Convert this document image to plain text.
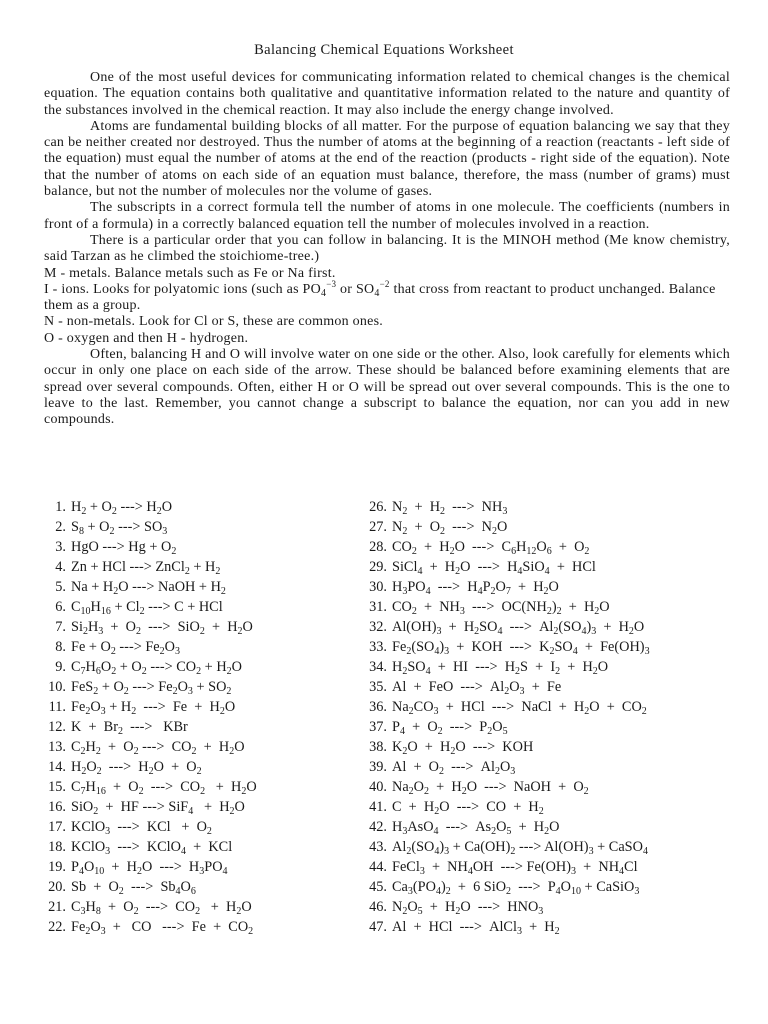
Balancing Chemical Equations Worksheet

One of the most useful devices for communicating information related to chemical changes is the chemical equation. The equation contains both qualitative and quantitative information related to the nature and quantity of the substances involved in the chemical reaction. It may also include the energy change involved.

Atoms are fundamental building blocks of all matter. For the purpose of equation balancing we say that they can be neither created nor destroyed. Thus the number of atoms at the beginning of a reaction (reactants - left side of the equation) must equal the number of atoms at the end of the reaction (products - right side of the equation). Note that the number of atoms on each side of an equation must balance, therefore, the mass (number of grams) must balance, but not the number of molecules nor the volume of gases.

The subscripts in a correct formula tell the number of atoms in one molecule. The coefficients (numbers in front of a formula) in a correctly balanced equation tell the number of molecules involved in a reaction.

There is a particular order that you can follow in balancing. It is the MINOH method (Me know chemistry, said Tarzan as he climbed the stoichiome-tree.)

M - metals. Balance metals such as Fe or Na first.

I - ions. Looks for polyatomic ions (such as $PO_4^{-3}$ or $SO_4^{-2}$ that cross from reactant to product unchanged. Balance them as a group.

N - non-metals. Look for Cl or S, these are common ones.

O - oxygen and then H - hydrogen.

Often, balancing H and O will involve water on one side or the other. Also, look carefully for elements which occur in only one place on each side of the arrow. These should be balanced before examining elements that are spread over several compounds. Often, either H or O will be spread out over several compounds. This is the one to leave to the last. Remember, you cannot change a subscript to balance the equation, nor can you add in new compounds.

1. $H_2 + O_2$ ---> $H_2O$
2. $S_8 + O_2$ ---> $SO_3$
3. HgO ---> $Hg + O_2$
4. Zn + HCl ---> ZnCl$_2$ + $H_2$
5. $Na + H_2O$ ---> NaOH + $H_2$
6. $C_{10}H_{16} + Cl_2$ ---> C + HCl
7. $Si_2H_3 + O_2$  --->  $SiO_2 + H_2O$
8. $Fe + O_2$ ---> $Fe_2O_3$
9. $C_7H_6O_2 + O_2$ ---> $CO_2 + H_2O$
10. $FeS_2 + O_2$ ---> $Fe_2O_3 + SO_2$
11. $Fe_2O_3 + H_2$  --->  $Fe + H_2O$
12. $K + Br_2$  --->   KBr
13. $C_2H_2 + O_2$ --->  $CO_2 + H_2O$
14. $H_2O_2$  --->  $H_2O + O_2$
15. $C_7H_{16} + O_2$  --->  $CO_2 + H_2O$
16. SiO$_2$  +  HF ---> $SiF_4 + H_2O$
17. KClO$_3$  --->  KCl   +  $O_2$
18. KClO$_3$  --->  KClO$_4$  +  KCl
19. $P_4O_{10} + H_2O$  --->  $H_3PO_4$
20. $Sb + O_2$  --->  $Sb_4O_6$
21. $C_3H_8 + O_2$  --->  $CO_2 + H_2O$
22. $Fe_2O_3$  +   CO   --->  $Fe + CO_2$
26. $N_2 + H_2$  --->  $NH_3$
27. $N_2 + O_2$  --->  $N_2O$
28. $CO_2 + H_2O$  --->  $C_6H_{12}O_6 + O_2$
29. SiCl$_4$  +  $H_2O$  --->  $H_4SiO_4$  +  HCl
30. $H_3PO_4$  --->  $H_4P_2O_7 + H_2O$
31. $CO_2 + NH_3$  --->  $OC(NH_2)_2 + H_2O$
32. $Al(OH)_3 + H_2SO_4$  --->  $Al_2(SO_4)_3 + H_2O$
33. $Fe_2(SO_4)_3$  +  KOH  --->  $K_2SO_4 + Fe(OH)_3$
34. $H_2SO_4$  +  HI  --->  $H_2S + I_2 + H_2O$
35. Al  +  FeO  --->  $Al_2O_3 + Fe$
36. $Na_2CO_3$  +  HCl  --->  NaCl  +  $H_2O + CO_2$
37. $P_4 + O_2$  --->  $P_2O_5$
38. $K_2O + H_2O$  --->  KOH
39. $Al + O_2$  --->  $Al_2O_3$
40. $Na_2O_2 + H_2O$  --->  NaOH  +  $O_2$
41. $C + H_2O$  --->  CO  +  $H_2$
42. $H_3AsO_4$  --->  $As_2O_5 + H_2O$
43. $Al_2(SO_4)_3 + Ca(OH)_2$ ---> $Al(OH)_3$ + CaSO$_4$
44. FeCl$_3$  +  $NH_4OH$  ---> $Fe(OH)_3 + NH_4Cl$
45. $Ca_3(PO_4)_2 + 6$ SiO$_2$  --->  $P_4O_{10}$ + CaSiO$_3$
46. $N_2O_5 + H_2O$  --->  $HNO_3$
47. Al  +  HCl  --->  AlCl$_3$  +  $H_2$
